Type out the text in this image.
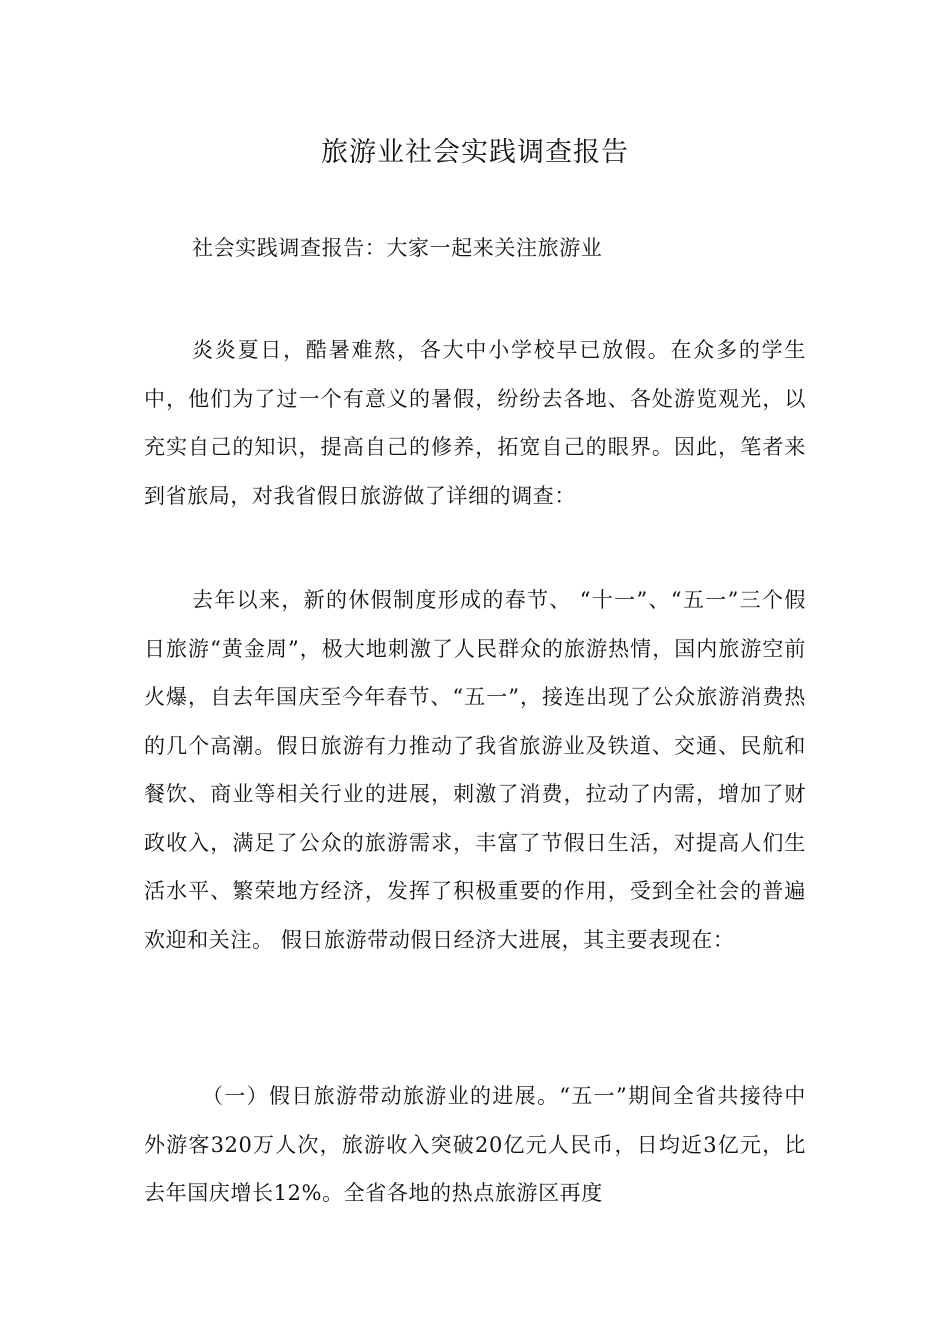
旅游业社会实践调查报告

社会实践调查报告：大家一起来关注旅游业

炎炎夏日，酷暑难熬，各大中小学校早已放假。在众多的学生中，他们为了过一个有意义的暑假，纷纷去各地、各处游览观光，以充实自己的知识，提高自己的修养，拓宽自己的眼界。因此，笔者来到省旅局，对我省假日旅游做了详细的调查：

去年以来，新的休假制度形成的春节、 “十一”、“五一”三个假日旅游“黄金周”，极大地刺激了人民群众的旅游热情，国内旅游空前火爆，自去年国庆至今年春节、“五一”，接连出现了公众旅游消费热的几个高潮。假日旅游有力推动了我省旅游业及铁道、交通、民航和餐饮、商业等相关行业的进展，刺激了消费，拉动了内需，增加了财政收入，满足了公众的旅游需求，丰富了节假日生活，对提高人们生活水平、繁荣地方经济，发挥了积极重要的作用，受到全社会的普遍欢迎和关注。 假日旅游带动假日经济大进展，其主要表现在：

（一）假日旅游带动旅游业的进展。“五一”期间全省共接待中外游客320万人次，旅游收入突破20亿元人民币，日均近3亿元，比去年国庆增长12%。全省各地的热点旅游区再度
